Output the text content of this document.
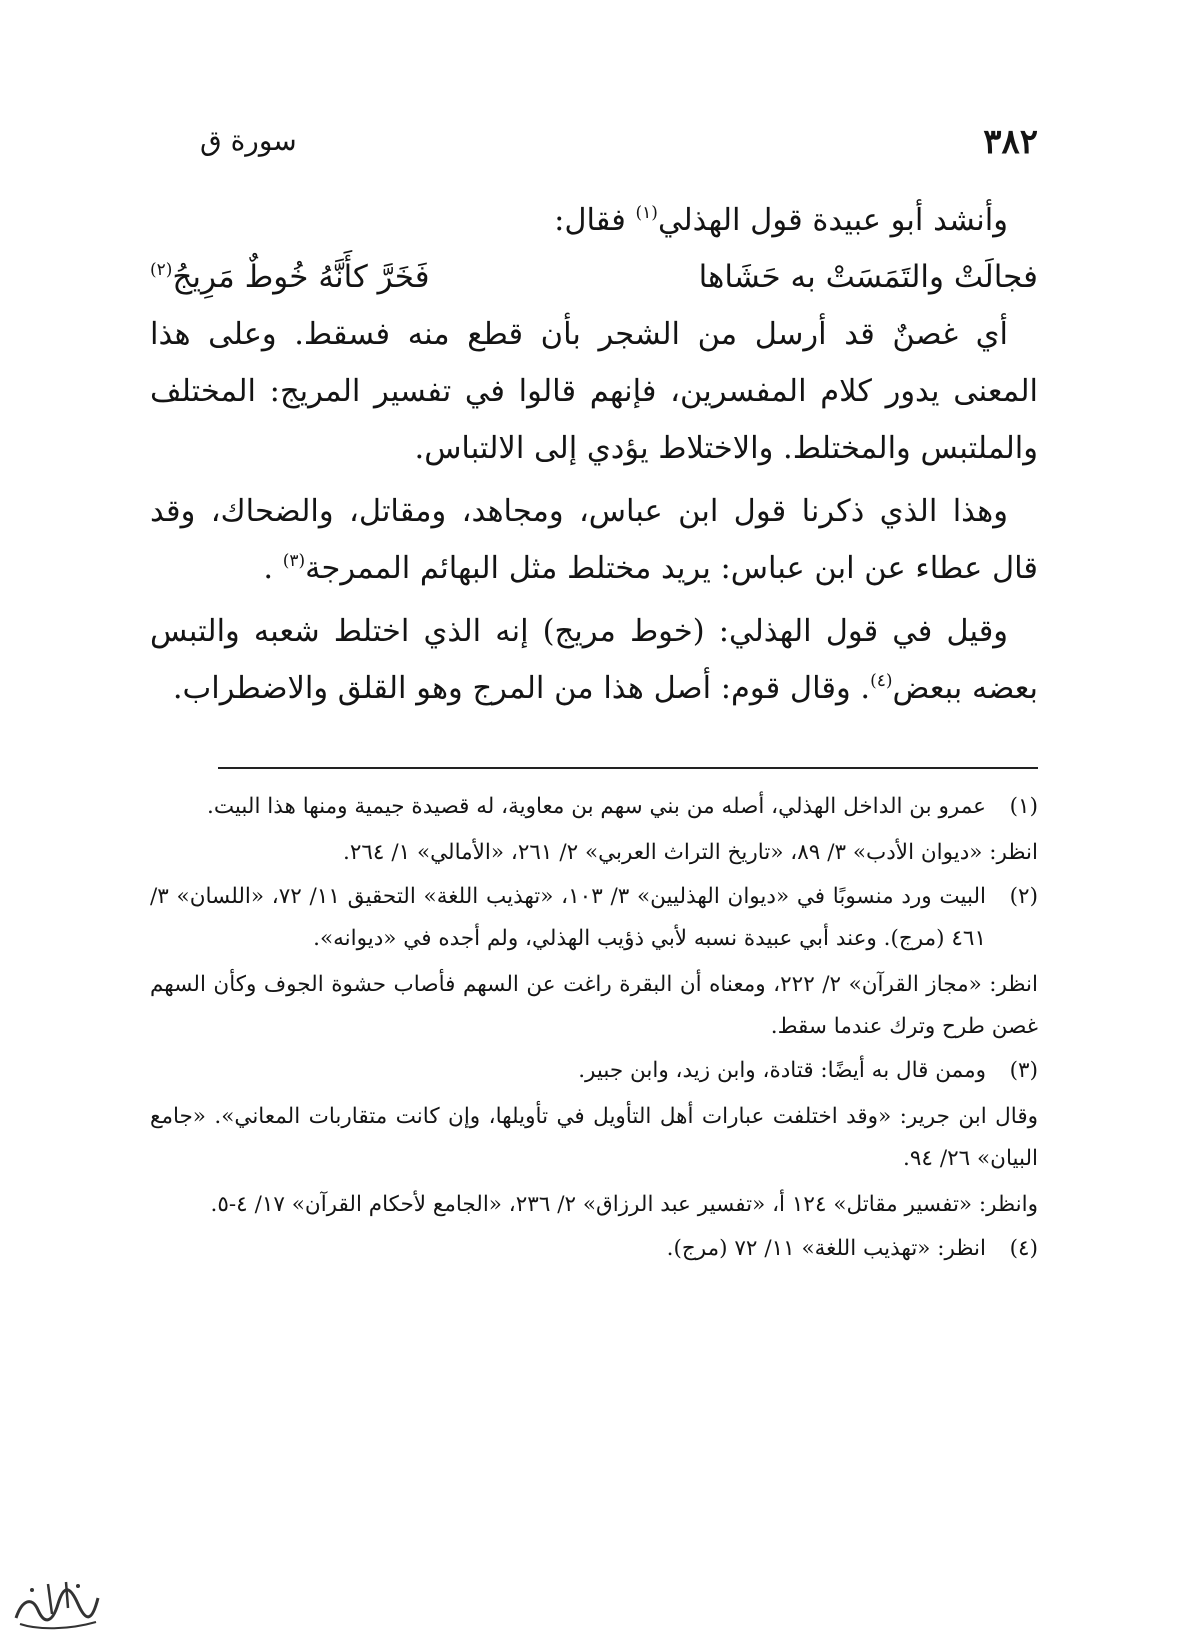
٣٨٢
سورة ق

وأنشد أبو عبيدة قول الهذلي$^{(١)}$ فقال:

فجالَتْ والتَمَسَتْ به حَشَاها
فَخَرَّ كأَنَّهُ خُوطٌ مَرِيجُ$^{(٢)}$

أي غصنٌ قد أرسل من الشجر بأن قطع منه فسقط. وعلى هذا المعنى يدور كلام المفسرين، فإنهم قالوا في تفسير المريج: المختلف والملتبس والمختلط. والاختلاط يؤدي إلى الالتباس.

وهذا الذي ذكرنا قول ابن عباس، ومجاهد، ومقاتل، والضحاك، وقد قال عطاء عن ابن عباس: يريد مختلط مثل البهائم الممرجة$^{(٣)}$ .

وقيل في قول الهذلي: (خوط مريج) إنه الذي اختلط شعبه والتبس بعضه ببعض$^{(٤)}$. وقال قوم: أصل هذا من المرج وهو القلق والاضطراب.

(١)

عمرو بن الداخل الهذلي، أصله من بني سهم بن معاوية، له قصيدة جيمية ومنها هذا البيت.

انظر: «ديوان الأدب» ٣/ ٨٩، «تاريخ التراث العربي» ٢/ ٢٦١، «الأمالي» ١/ ٢٦٤.

(٢)

البيت ورد منسوبًا في «ديوان الهذليين» ٣/ ١٠٣، «تهذيب اللغة» التحقيق ١١/ ٧٢، «اللسان» ٣/ ٤٦١ (مرج). وعند أبي عبيدة نسبه لأبي ذؤيب الهذلي، ولم أجده في «ديوانه».

انظر: «مجاز القرآن» ٢/ ٢٢٢، ومعناه أن البقرة راغت عن السهم فأصاب حشوة الجوف وكأن السهم غصن طرح وترك عندما سقط.

(٣)

وممن قال به أيضًا: قتادة، وابن زيد، وابن جبير.

وقال ابن جرير: «وقد اختلفت عبارات أهل التأويل في تأويلها، وإن كانت متقاربات المعاني». «جامع البيان» ٢٦/ ٩٤.

وانظر: «تفسير مقاتل» ١٢٤ أ، «تفسير عبد الرزاق» ٢/ ٢٣٦، «الجامع لأحكام القرآن» ١٧/ ٤-٥.

(٤)

انظر: «تهذيب اللغة» ١١/ ٧٢ (مرج).
